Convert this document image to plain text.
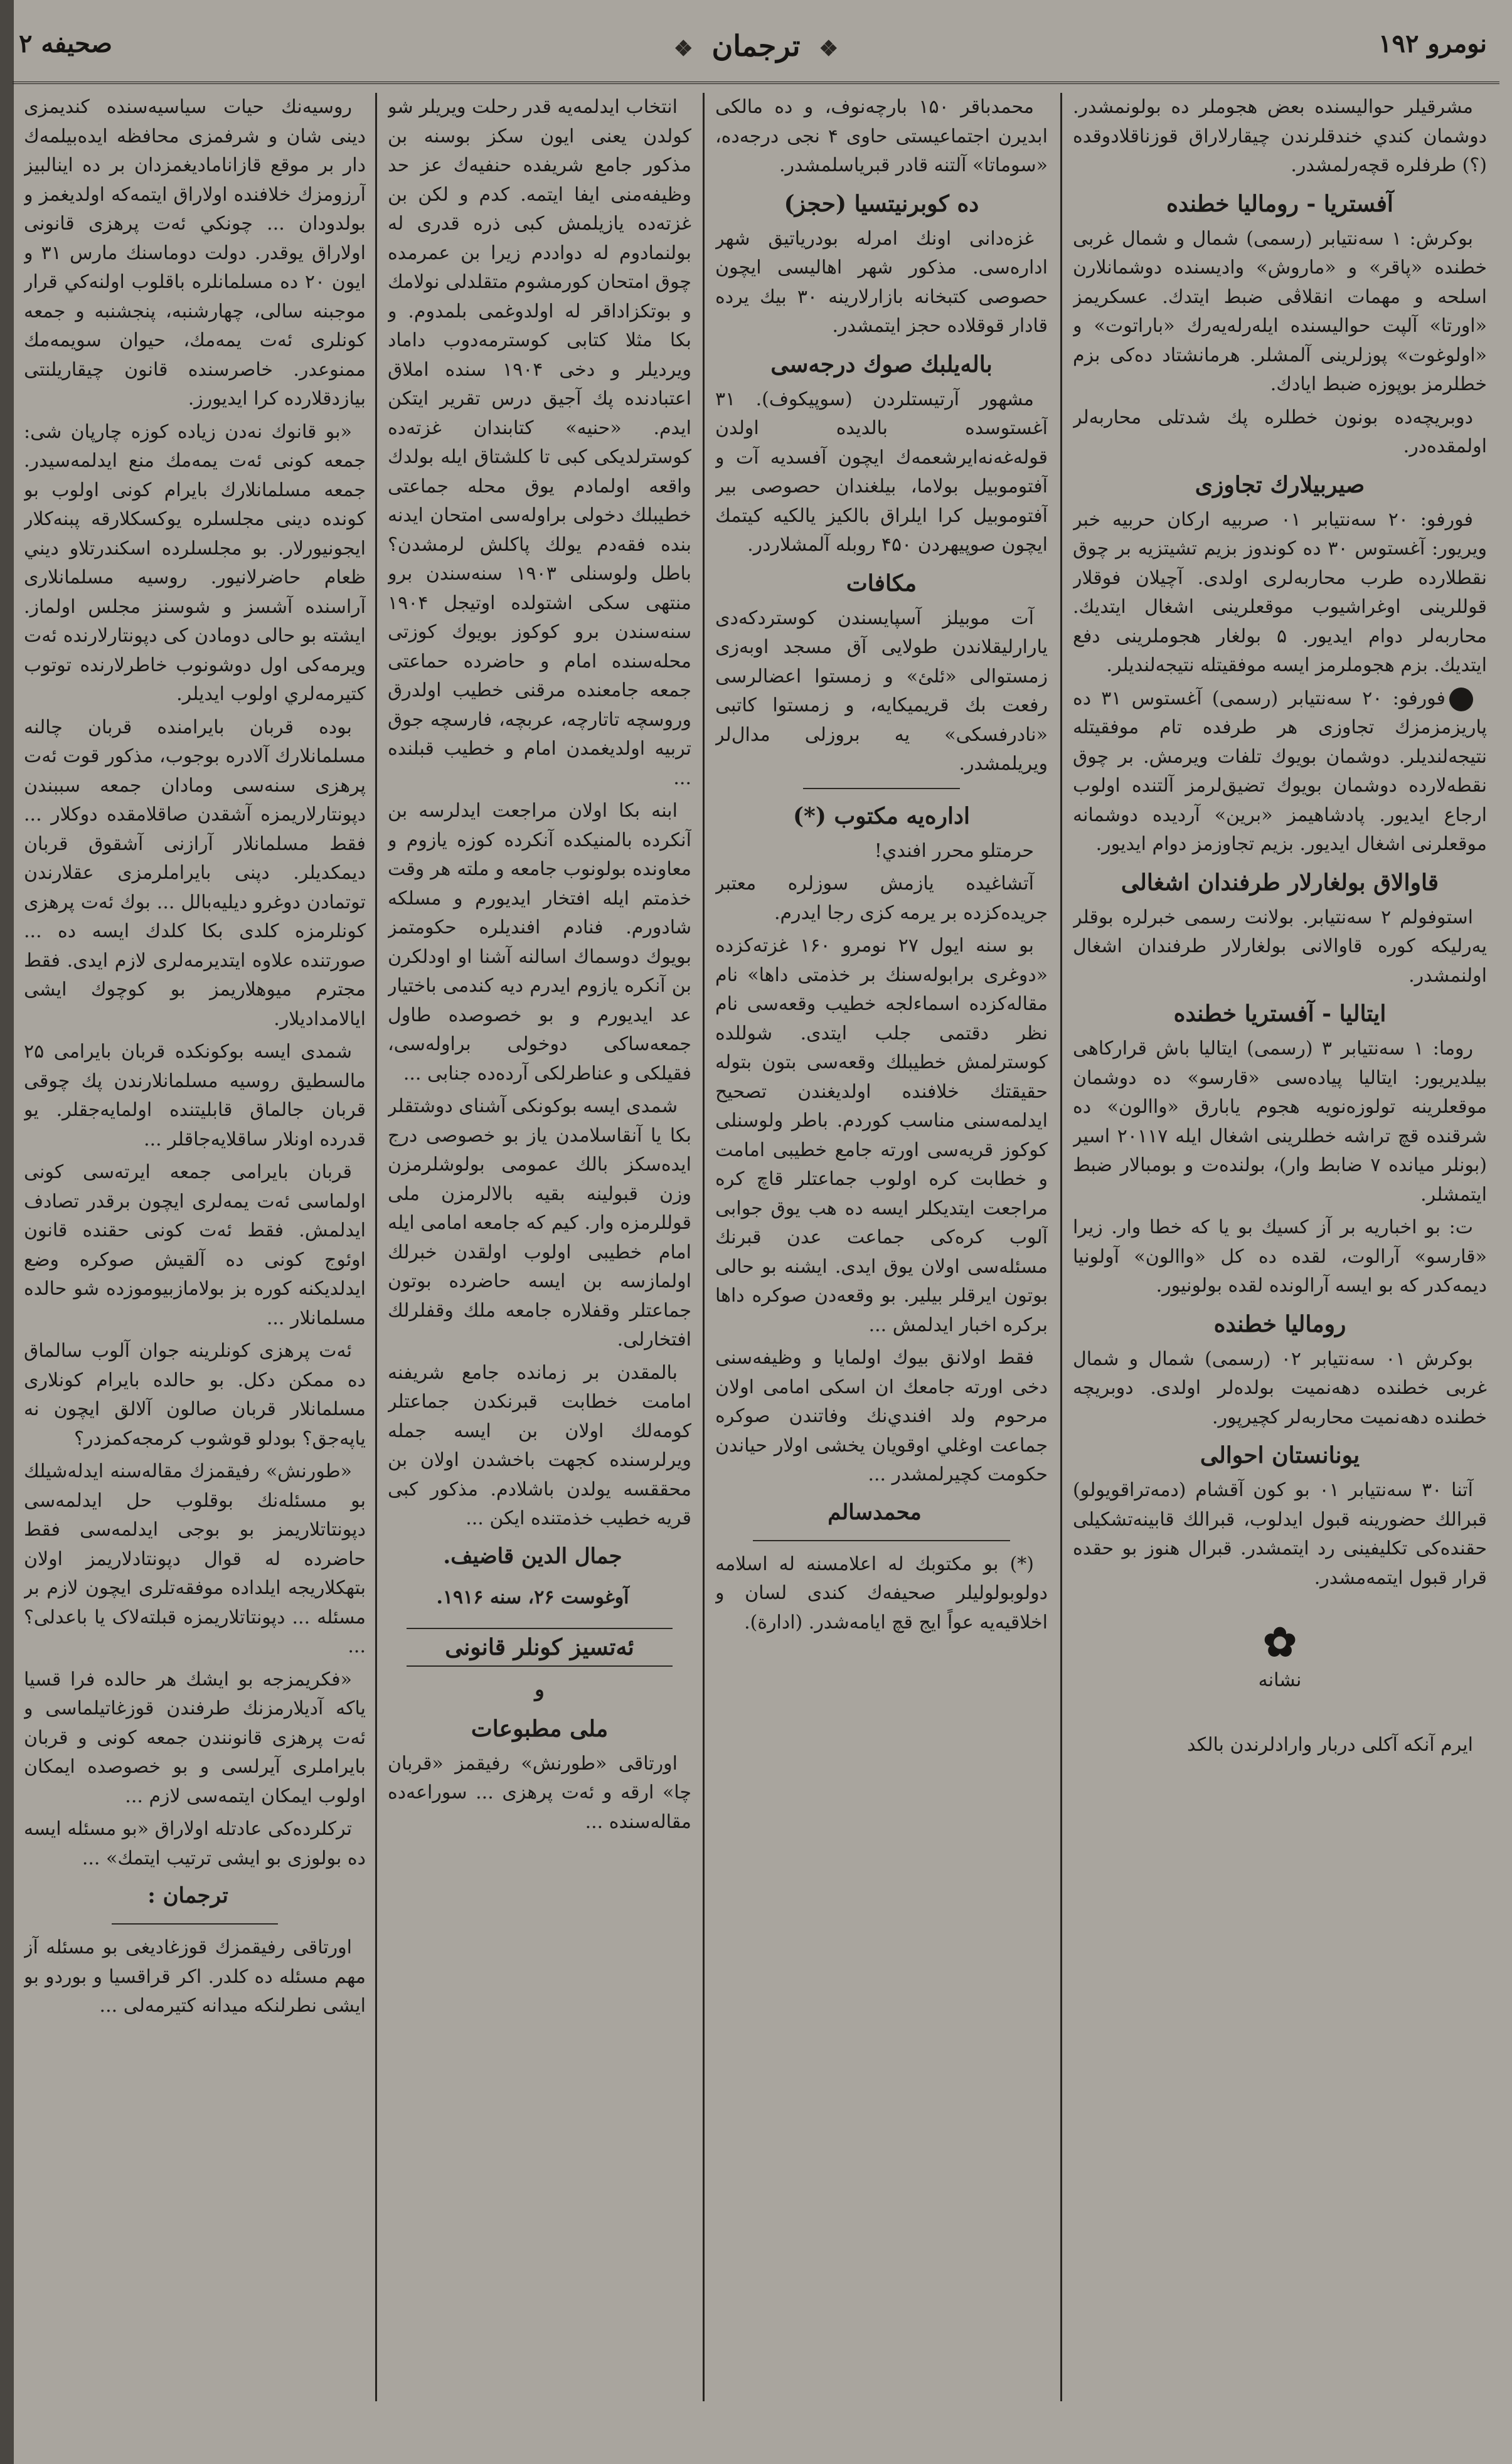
نومرو ۱۹۲
❖ ترجمان ❖
صحيفه ۲

مشرقيلر حواليسنده بعض هجوملر ده بولونمشدر. دوشمان كندي خندقلرندن چيقارلاراق قوزناقلادوقده (؟) طرفلره قچه‌رلمشدر.

آفستريا - روماليا خطنده

بوكرش: ۱ سه‌نتيابر (رسمی) شمال و شمال غربی خطنده «پاقر» و «ماروش» واديسنده دوشمانلارن اسلحه و مهمات انقلاڤى ضبط ايتدك. عسكريمز «اورتا» آلپت حواليسنده ايله‌رله‌يه‌رك «باراتوت» و «اولوغوت» پوزلرينى آلمشلر. هرمانشتاد ده‌كى بزم خطلرمز بوپوزه ضبط ايادك.

دوبريچه‌ده بونون خطلره پك شدتلى محاربه‌لر اولمقده‌در.

صيربيلارك تجاوزی

فورفو: ۲۰ سه‌نتيابر ۰۱ صربيه اركان حربيه خبر ويريور: آغستوس ۳۰ ده كوندوز بزيم تشيتزيه بر چوق نقطلارده طرب محاربه‌لری اولدی. آچيلان فوقلار قوللرينى اوغراشيوب موقعلرينى اشغال ايتديك. محاربه‌لر دوام ايديور. ۵ بولغار هجوملرينى دفع ايتديك. بزم هجوملرمز ايسه موفقيتله نتيجه‌لنديلر.

فورفو: ۲۰ سه‌نتيابر (رسمی) آغستوس ۳۱ ده پاريزمزمزك تجاوزی هر طرفده تام موفقيتله نتيجه‌لنديلر. دوشمان بويوك تلفات ويرمش. بر چوق نقطه‌لارده دوشمان بويوك تضيق‌لرمز آلتنده اولوب ارجاع ايديور. پادشاهيمز «برين» آرديده دوشمانه موقعلرنى اشغال ايديور. بزيم تجاوزمز دوام ايديور.

قاوالاق بولغارلار طرفندان اشغالی

استوفولم ۲ سه‌نتيابر. بولانت رسمی خبرلره بوقلر يه‌رليكه كوره قاوالانی بولغارلار طرفندان اشغال اولنمشدر.

ايتاليا - آفستريا خطنده

روما: ۱ سه‌نتيابر ۳ (رسمی) ايتاليا باش قراركاهی بيلديريور: ايتاليا پياده‌سی «قارسو» ده دوشمان موقعلرينه تولوزه‌نويه هجوم يابارق «واالون» ده شرقنده قچ تراشه خطلرينى اشغال ايله ۲۰۱۱۷ اسير (بونلر ميانده ۷ ضابط وار)، بولنده‌ت و بومبالار ضبط ايتمشلر.

ت: بو اخباريه بر آز كسيك بو يا كه خطا وار. زيرا «قارسو» آرالوت، لقده ده كل «واالون» آولونيا ديمه‌كدر كه بو ايسه آرالونده لقده بولونيور.

روماليا خطنده

بوكرش ۰۱ سه‌نتيابر ۰۲ (رسمی) شمال و شمال غربی خطنده دهه‌نميت بولده‌لر اولدی. دوبريچه خطنده دهه‌نميت محاربه‌لر كچيرپور.

يونانستان احوالی

آتنا ۳۰ سه‌نتيابر ۰۱ بو كون آقشام (دمه‌تراقويولو) قبرالك حضورينه قبول ايدلوب، قبرالك قابينه‌تشكيلی حقنده‌كی تكليفينى رد ايتمشدر. قبرال هنوز بو حقده قرار قبول ايتمه‌مشدر.

✿
نشانه

ايرم آنكه آكلی دربار وارادلرندن بالكد

محمدباقر ۱۵۰ بارچه‌نوف، و ده مالكی ابديرن اجتماعيستی حاوی ۴ نجی درجه‌ده، «سوماتا» آلتنه قادر قبرياسلمشدر.

ده كوبرنيتسيا (حجز)

غزه‌دانى اونك امرله بودرياتيق شهر اداره‌سی. مذكور شهر اهالیسی ايچون حصوصی كتبخانه بازارلارينه ۳۰ بيك يرده قادار قوقلاده حجز ايتمشدر.

باله‌يلبك صوك درجه‌سی

مشهور آرتيستلردن (سوپيكوف). ۳۱ آغستوسده بالديده اولدن قوله‌غه‌نه‌اير‌شعمه‌ك ايچون آفسديه آت و آفتوموبيل بولاما، بيلغندان حصوصی بير آفتوموبيل كرا ايلراق بالكيز يالكيه كيتمك ايچون صوپيهردن ۴۵۰ روبله آلمشلاردر.

مكافات

آت موبيلز آسپايسندن كوستردكه‌دی يارارليقلاندن طولايی آق مسجد اوبه‌زی زمستوالی «ئلئ» و زمستوا اعضالرسی رفعت بك قريميكايه، و زمستوا كاتبی «نادرفسكی» يه بروزلی مدال‌لر ويريلمشدر.

اداره‌يه مكتوب (*)

حرمتلو محرر افندي!

آتشاغيده يازمش سوزلره معتبر جريده‌كزده بر يرمه كزی رجا ايدرم.

بو سنه ايول ۲۷ نومرو ۱۶۰ غزته‌كزده «دوغرى برابوله‌سنك بر خذمتی داها» نام مقاله‌كزده اسماءلجه خطيب وقعه‌سی نام نظر دقتمی جلب ايتدی. شوللده كوسترلمش خطيبلك وقعه‌سی بتون بتوله حقيقتك خلافنده اولديغندن تصحيح ايدلمه‌سنی مناسب كوردم. باطر ولوسنلی كوكوز قريه‌سی اورته جامع خطيبی امامت و خطابت كره اولوب جماعتلر قاچ كره مراجعت ايتديكلر ايسه‌ ده هب يوق جوابی آلوب كره‌كی جماعت عدن قبرنك مسئله‌سی اولان يوق ايدی. ايشنه بو حالی بوتون ايرقلر بيلير. بو وقعه‌دن صوكره داها بركره اخبار ايدلمش ...

فقط اولانق بيوك اولمايا و وظيفه‌سنی دخی اورته جامعك ان اسكی امامی اولان مرحوم ولد افندي‌نك وفاتندن صوكره جماعت اوغلي اوقويان يخشی اولار حياندن حكومت كچيرلمشدر ...

محمدسالم

(*) بو مكتوبك له اعلامسنه له اسلامه دولوبولوليلر صحيفه‌ك كندی لسان و اخلاقيه‌يه عواً ايج قچ ايامه‌شدر. (ادارة).

انتخاب ايدلمه‌يه قدر رحلت ويريلر شو كولدن يعنی ايون سكز بوسنه بن مذكور جامع شريفده حنفيه‌ك عز حد وظيفه‌منی ايفا ايتمه. كدم و لكن بن غزته‌ده يازيلمش كبی ذره قدری له بولنمادوم له دواددم زيرا بن عمرمده چوق امتحان كورمشوم متقلدلی نولامك و بوتكزاداقر له اولدوغمی بلمدوم. و بكا مثلا كتابی كوسترمه‌دوب داماد ويرديلر و دخی ۱۹۰۴ سنده املاق اعتبادنده پك آجيق درس تقرير ايتكن ايدم. «حنيه» كتابندان غزته‌ده كوسترلديكی كبی تا كلشتاق ايله بولدك واقعه اولمادم يوق محله جماعتی خطيبلك دخولی براوله‌سی امتحان ايدنه بنده فقه‌دم يولك پاكلش لرمشدن؟ باطل ولوسنلی ۱۹۰۳ سنه‌سندن برو منتهی سكی اشتولده اوتيجل ۱۹۰۴ سنه‌سندن برو كوكوز بويوك كوزتی محله‌سنده امام و حاضرده حماعتی جمعه جامعنده مرقنی خطيب اولدرق وروسچه تاتارچه، عربچه، فارسچه جوق تربيه اولديغمدن امام و خطيب قبلنده ...

ابنه بكا اولان مراجعت ايدلرسه بن آنكرده بالمنيكده آنكرده كوزه يازوم و معاونده بولونوب جامعه و ملته هر وقت خذمتم ايله افتخار ايديورم و مسلكه شادورم. فنادم افنديلره حكومتمز بويوك دوسماك اسالنه آشنا او اودلكرن بن آنكره يازوم ايدرم ديه كندمی باختيار عد ايديورم و بو خصوصده طاول جمعه‌ساكی دوخولی براوله‌سی، فقيلكی و عناطرلكی آرده‌ده جنابی ...

شمدی ايسه بوكونكی آشنای دوشتقلر بكا يا آنقاسلامدن ياز بو خصوصی درج ايده‌سكز بالك عمومی بولوشلرمزن وزن قبولينه بقيه بالالرمزن ملی قوللرمزه وار. كيم كه جامعه امامی ايله امام خطيبی اولوب اولقدن خبرلك اولمازسه بن ايسه حاضرده بوتون جماعتلر وقفلاره جامعه ملك وقفلرلك افتخارلی.

بالمقدن بر زمانده جامع شريفنه امامت خطابت قبرنكدن جماعتلر كومه‌لك اولان بن ايسه جمله ويرلرسنده كجهت باخشدن اولان بن محققسه يولدن باشلادم. مذكور كبی قريه خطيب خذمتنده ايكن ...

جمال الدين قاضيف.

آوغوست ۲۶، سنه ۱۹۱۶.

ئه‌تسيز كونلر قانونی
و
ملی مطبوعات

اورتاقی «طورنش» رفيقمز «قربان چا» ارقه و ئه‌ت پرهزی ... سوراعه‌ده مقاله‌سنده ...

روسيه‌نك حيات سياسيه‌سنده كنديمزی دينی شان و شرفمزی محافظه ايده‌بيلمه‌ك دار بر موقع قازاناماديغمزدان بر ده اينالبيز آرزومزك خلافنده اولاراق ايتمه‌كه اولديغمز و بولدودان ... چونكي ئه‌ت پرهزی قانونی اولاراق يوقدر. دولت دوماسنك مارس ۳۱ و ايون ۲۰ ده مسلمانلره باقلوب اولنه‌كي قرار موجبنه سالی، چهارشنبه، پنجشنبه و جمعه كونلری ئه‌ت يمه‌مك، حيوان سويمه‌مك ممنوعدر. خاصرسنده قانون چيقاريلنتی بيازدقلارده كرا ايديورز.

«بو قانوك نه‌دن زياده كوزه چارپان شی: جمعه كونی ئه‌ت يمه‌مك منع ايدلمه‌سيدر. جمعه مسلمانلارك بايرام كونی اولوب بو كونده دينی مجلسلره يوكسكلارقه پبنه‌كلار ايجونيورلار. بو مجلسلرده اسكندرتلاو ديني ظعام حاضرلانيور. روسيه مسلمانلاری آراسنده آشسز و شوسنز مجلس اولماز. ايشته بو حالی دومادن كی دپونتارلارنده ئه‌ت ويرمه‌كی اول دوشونوب خاطرلارنده توتوب كتيرمه‌لري اولوب ايديلر.

بوده قربان بايرامنده قربان چالنه مسلمانلارك آلادره بوجوب، مذكور قوت ئه‌ت پرهزی سنه‌سی ومادان جمعه سببندن دپونتارلاريمزه آشقدن صاقلامقده دوكلار ... فقط مسلمانلار آرازنی آشقوق قربان ديمكديلر. دپنی بايراملرمزی عقلارندن توتمادن دوغرو ديليه‌بالل ... بوك ئه‌ت پرهزی كونلرمزه كلدی بكا كلدك ايسه ده ... صورتنده علاوه ايتديرمه‌لری لازم ايدی. فقط مجترم ميوهلاريمز بو كوچوك ايشی ايالامداديلار.

شمدی ايسه بوكونكده قربان بايرامی ۲۵ مالسطيق روسيه مسلمانلارندن پك چوقی قربان جالماق قابلیتنده اولمايه‌جقلر. يو قدرده اونلار ساقلايه‌جاقلر ...

قربان بايرامی جمعه ايرته‌سی كونی اولماسی ئه‌ت يمه‌لری ايچون برقدر تصادف ايدلمش. فقط ئه‌ت كونی حقنده قانون اوئوج كونی ده آلقيش صوكره وضع ايدلديكنه كوره بز بولامازبيوموزده شو حالده مسلمانلار ...

ئه‌ت پرهزی كونلرينه جوان آلوب سالماق ده ممكن دكل. بو حالده بايرام كونلاری مسلمانلار قربان صالون آلالق ايچون نه ياپه‌جق؟ بودلو قوشوب كرمجه‌كمزدر؟

«طورنش» رفيقمزك مقاله‌سنه ايدله‌شيلك بو مسئله‌نك بوقلوب حل ايدلمه‌سی دپونتاتلاريمز بو بوجی ايدلمه‌سی فقط حاضرده له قوال دپونتادلاريمز اولان بتهكلاريجه ايلداده موفقه‌تلری ايچون لازم بر مسئله ... دپونتاتلاريمزه قبلته‌لاک يا باعدلی؟ ...

«فكريمزجه بو ايشك هر حالده فرا قسيا ياكه آديلارمزنك طرفندن قوزغاتيلماسی و ئه‌ت پرهزی قانونندن جمعه كونی و قربان بايراملری آيرلسی و بو خصوصده ايمكان اولوب ايمكان ايتمه‌سی لازم ...

تركلرده‌كی عادتله اولاراق «بو مسئله ايسه ده بولوزی بو ايشی ترتيب ايتمك» ...

ترجمان :

اورتاقی رفيقمزك قوزغاديغی بو مسئله آز مهم مسئله ده كلدر. اكر قراقسيا و بوردو بو ايشی نطرلنكه ميدانه كتيرمه‌لی ...
